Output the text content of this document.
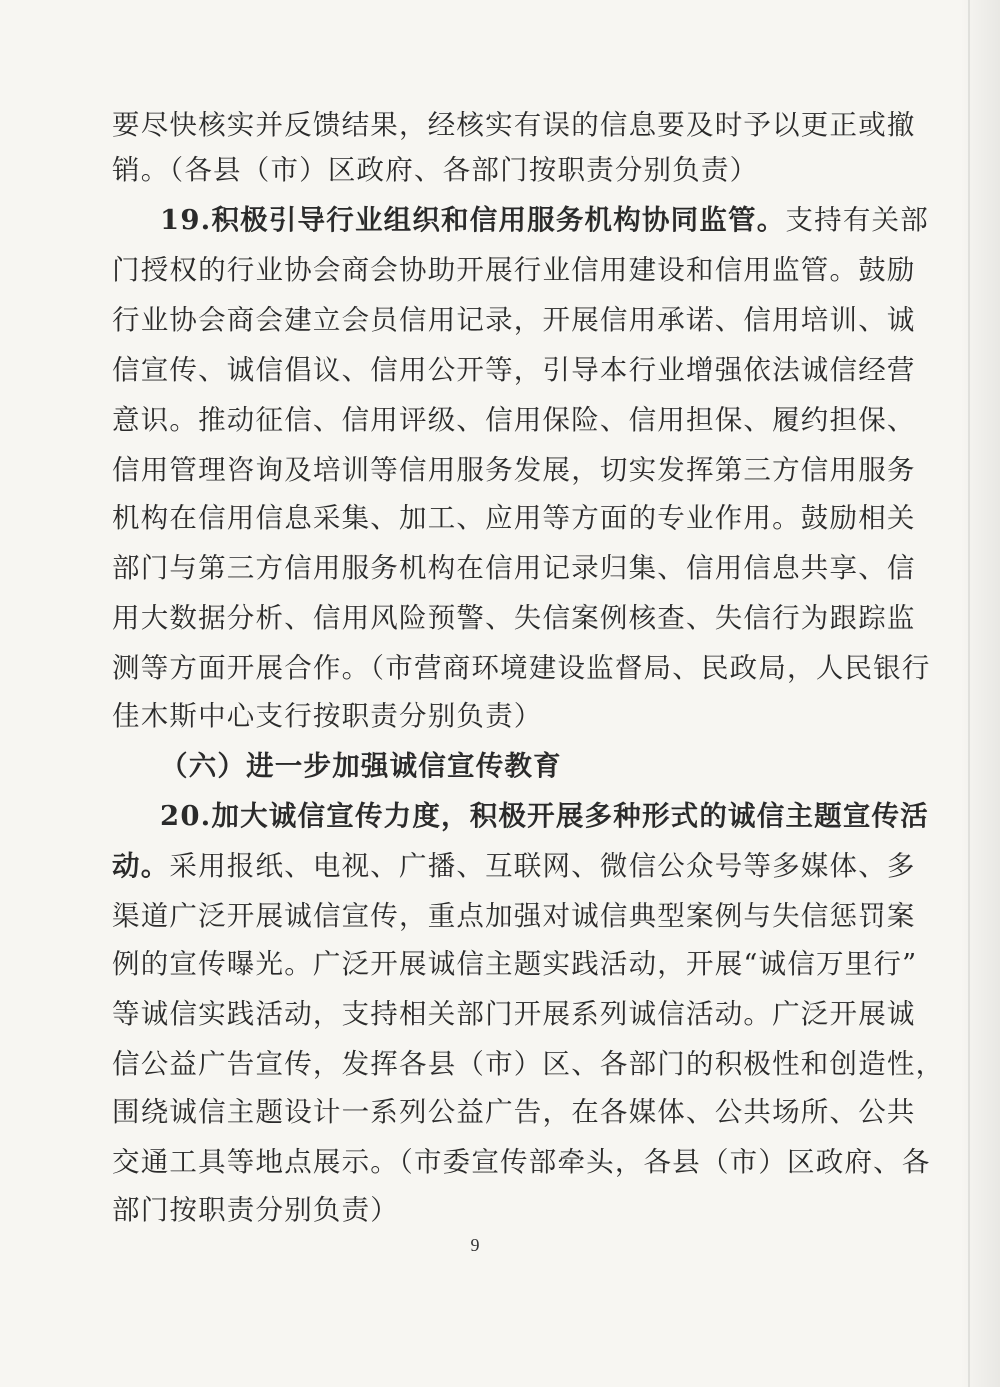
要尽快核实并反馈结果，经核实有误的信息要及时予以更正或撤
销。（各县（市）区政府、各部门按职责分别负责）
19.积极引导行业组织和信用服务机构协同监管。支持有关部
门授权的行业协会商会协助开展行业信用建设和信用监管。鼓励
行业协会商会建立会员信用记录，开展信用承诺、信用培训、诚
信宣传、诚信倡议、信用公开等，引导本行业增强依法诚信经营
意识。推动征信、信用评级、信用保险、信用担保、履约担保、
信用管理咨询及培训等信用服务发展，切实发挥第三方信用服务
机构在信用信息采集、加工、应用等方面的专业作用。鼓励相关
部门与第三方信用服务机构在信用记录归集、信用信息共享、信
用大数据分析、信用风险预警、失信案例核查、失信行为跟踪监
测等方面开展合作。（市营商环境建设监督局、民政局，人民银行
佳木斯中心支行按职责分别负责）
（六）进一步加强诚信宣传教育
20.加大诚信宣传力度，积极开展多种形式的诚信主题宣传活
动。采用报纸、电视、广播、互联网、微信公众号等多媒体、多
渠道广泛开展诚信宣传，重点加强对诚信典型案例与失信惩罚案
例的宣传曝光。广泛开展诚信主题实践活动，开展“诚信万里行”
等诚信实践活动，支持相关部门开展系列诚信活动。广泛开展诚
信公益广告宣传，发挥各县（市）区、各部门的积极性和创造性，
围绕诚信主题设计一系列公益广告，在各媒体、公共场所、公共
交通工具等地点展示。（市委宣传部牵头，各县（市）区政府、各
部门按职责分别负责）
9
